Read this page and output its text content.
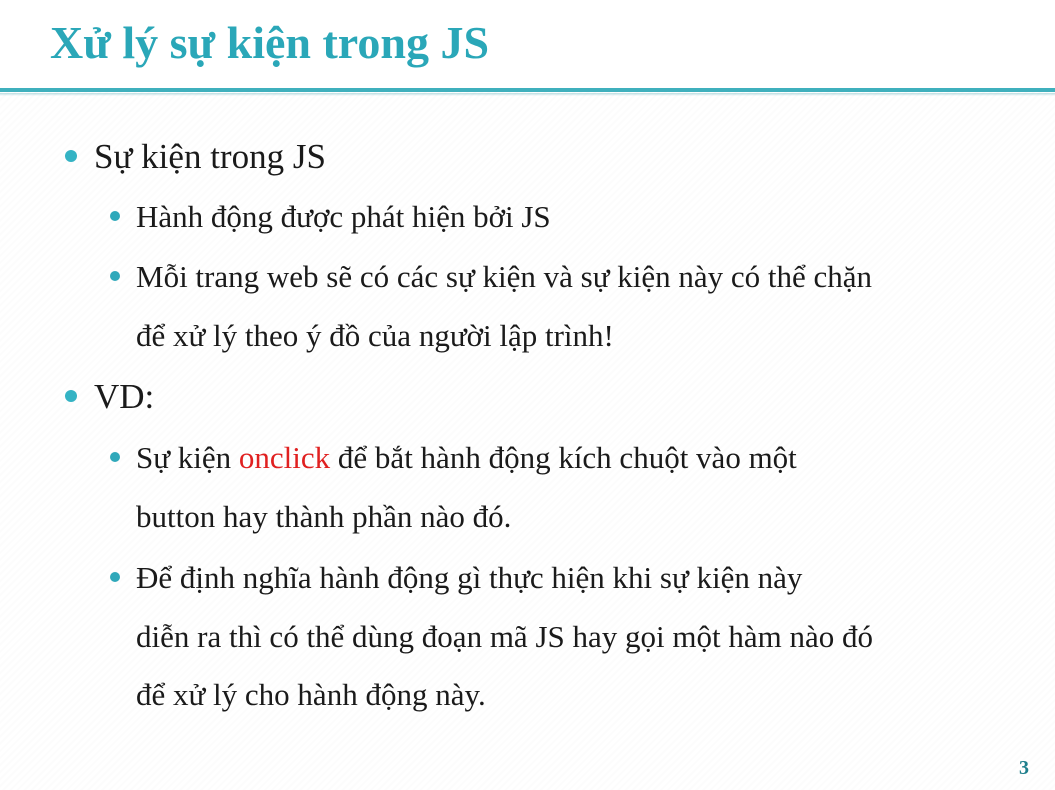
Xử lý sự kiện trong JS
Sự kiện trong JS
Hành động được phát hiện bởi JS
Mỗi trang web sẽ có các sự kiện và sự kiện này có thể chặn
để xử lý theo ý đồ của người lập trình!
VD:
Sự kiện onclick để bắt hành động kích chuột vào một
button hay thành phần nào đó.
Để định nghĩa hành động gì thực hiện khi sự kiện này
diễn ra thì có thể dùng đoạn mã JS hay gọi một hàm nào đó
để xử lý cho hành động này.
3
